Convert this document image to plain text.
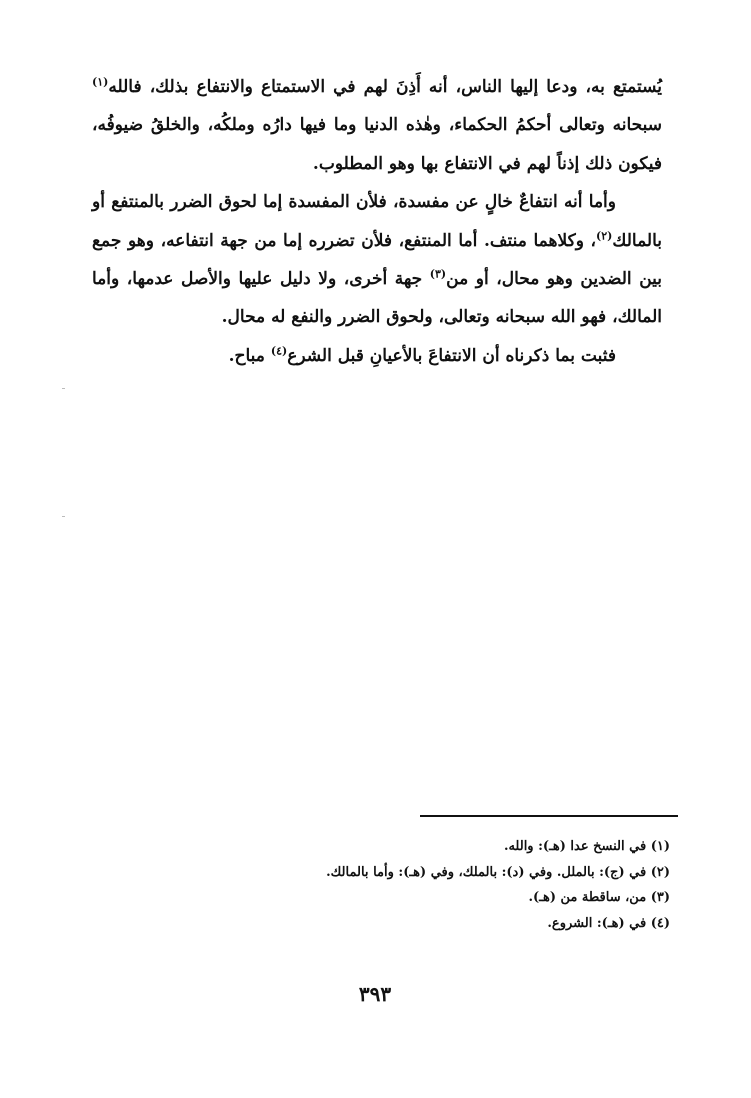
يُستمتع به، ودعا إليها الناس، أنه أَذِنَ لهم في الاستمتاع والانتفاع بذلك، فالله$^{(١)}$ سبحانه وتعالى أحكمُ الحكماء، وهٰذه الدنيا وما فيها دارُه وملكُه، والخلقُ ضيوفُه، فيكون ذلك إذناً لهم في الانتفاع بها وهو المطلوب.

وأما أنه انتفاعٌ خالٍ عن مفسدة، فلأن المفسدة إما لحوق الضرر بالمنتفع أو بالمالك$^{(٢)}$، وكلاهما منتف. أما المنتفع، فلأن تضرره إما من جهة انتفاعه، وهو جمع بين الضدين وهو محال، أو من$^{(٣)}$ جهة أخرى، ولا دليل عليها والأصل عدمها، وأما المالك، فهو الله سبحانه وتعالى، ولحوق الضرر والنفع له محال.

فثبت بما ذكرناه أن الانتفاعَ بالأعيانِ قبل الشرع$^{(٤)}$ مباح.

(١) في النسخ عدا (هـ): والله.

(٢) في (ج): بالملل. وفي (د): بالملك، وفي (هـ): وأما بالمالك.

(٣) من، ساقطة من (هـ).

(٤) في (هـ): الشروع.

٣٩٣
